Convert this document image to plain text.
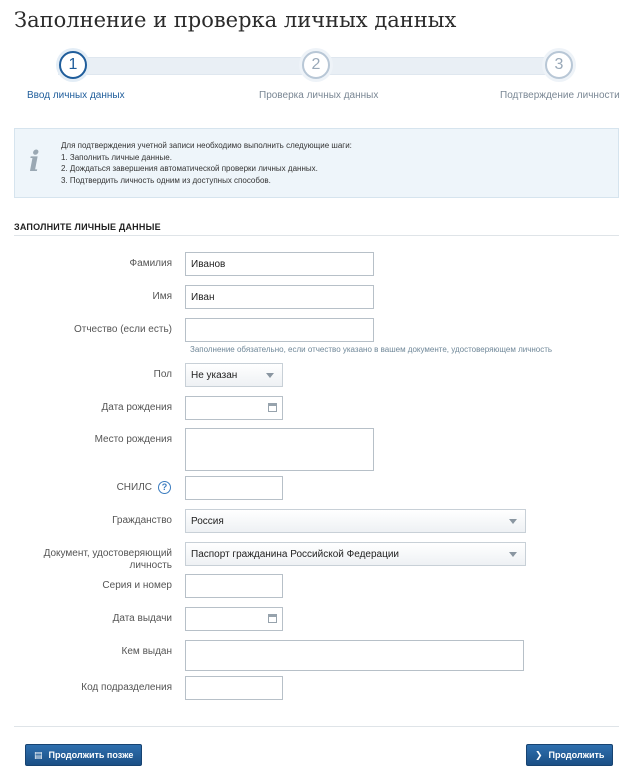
Заполнение и проверка личных данных
1	2	3
Ввод личных данных	Проверка личных данных	Подтверждение личности
i	Для подтверждения учетной записи необходимо выполнить следующие шаги:
1. Заполнить личные данные.
2. Дождаться завершения автоматической проверки личных данных.
3. Подтвердить личность одним из доступных способов.
ЗАПОЛНИТЕ ЛИЧНЫЕ ДАННЫЕ
Фамилия Иванов
Имя Иван
Отчество (если есть)
Заполнение обязательно, если отчество указано в вашем документе, удостоверяющем личность
Пол Не указан
Дата рождения
Место рождения
СНИЛС	?
Гражданство Россия
Документ, удостоверяющий
личность
Паспорт гражданина Российской Федерации
Серия и номер
Дата выдачи
Кем выдан
Код подразделения
▤ Продолжить позже	❯ Продолжить
